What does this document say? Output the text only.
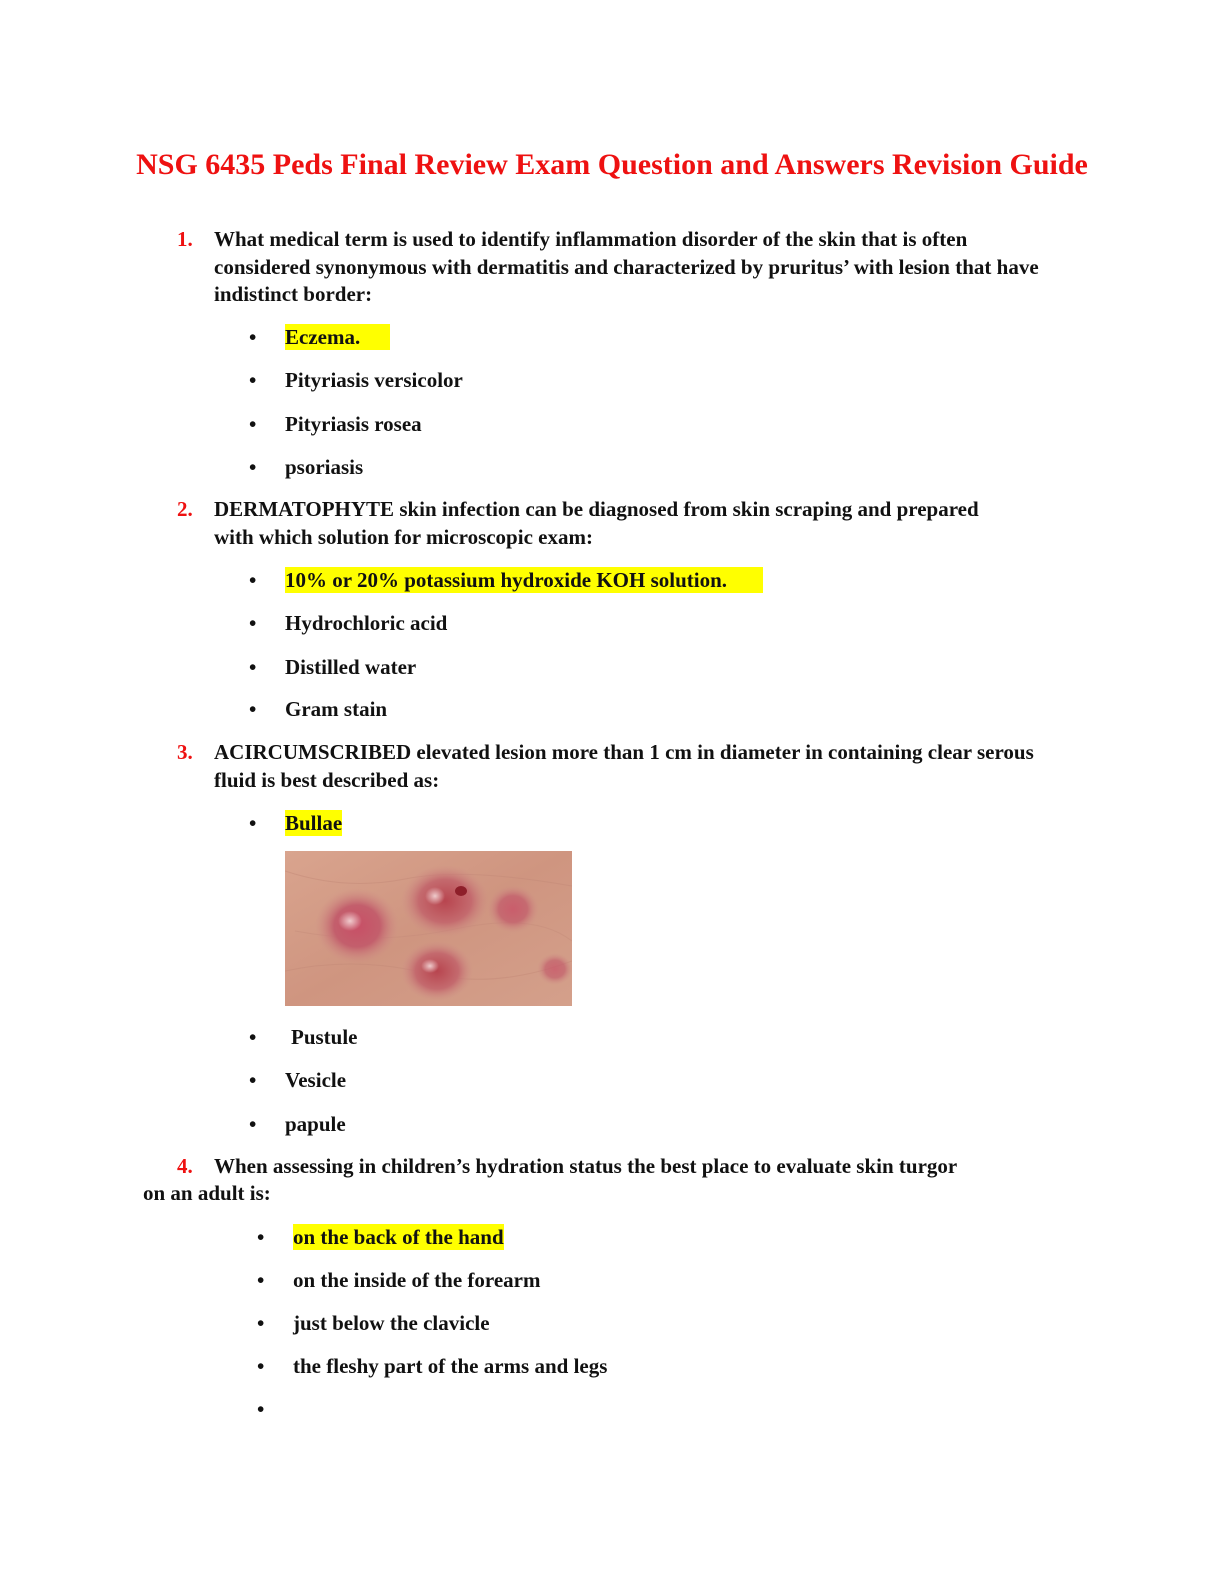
NSG 6435 Peds Final Review Exam Question and Answers Revision Guide
1. What medical term is used to identify inflammation disorder of the skin that is often considered synonymous with dermatitis and characterized by pruritus’ with lesion that have indistinct border:
• Eczema.
• Pityriasis versicolor
• Pityriasis rosea
• psoriasis
2. DERMATOPHYTE skin infection can be diagnosed from skin scraping and prepared with which solution for microscopic exam:
• 10% or 20% potassium hydroxide KOH solution.
• Hydrochloric acid
• Distilled water
• Gram stain
3. ACIRCUMSCRIBED elevated lesion more than 1 cm in diameter in containing clear serous fluid is best described as:
• Bullae
• Pustule
• Vesicle
• papule
4. When assessing in children’s hydration status the best place to evaluate skin turgor
on an adult is:
• on the back of the hand
• on the inside of the forearm
• just below the clavicle
• the fleshy part of the arms and legs
•
